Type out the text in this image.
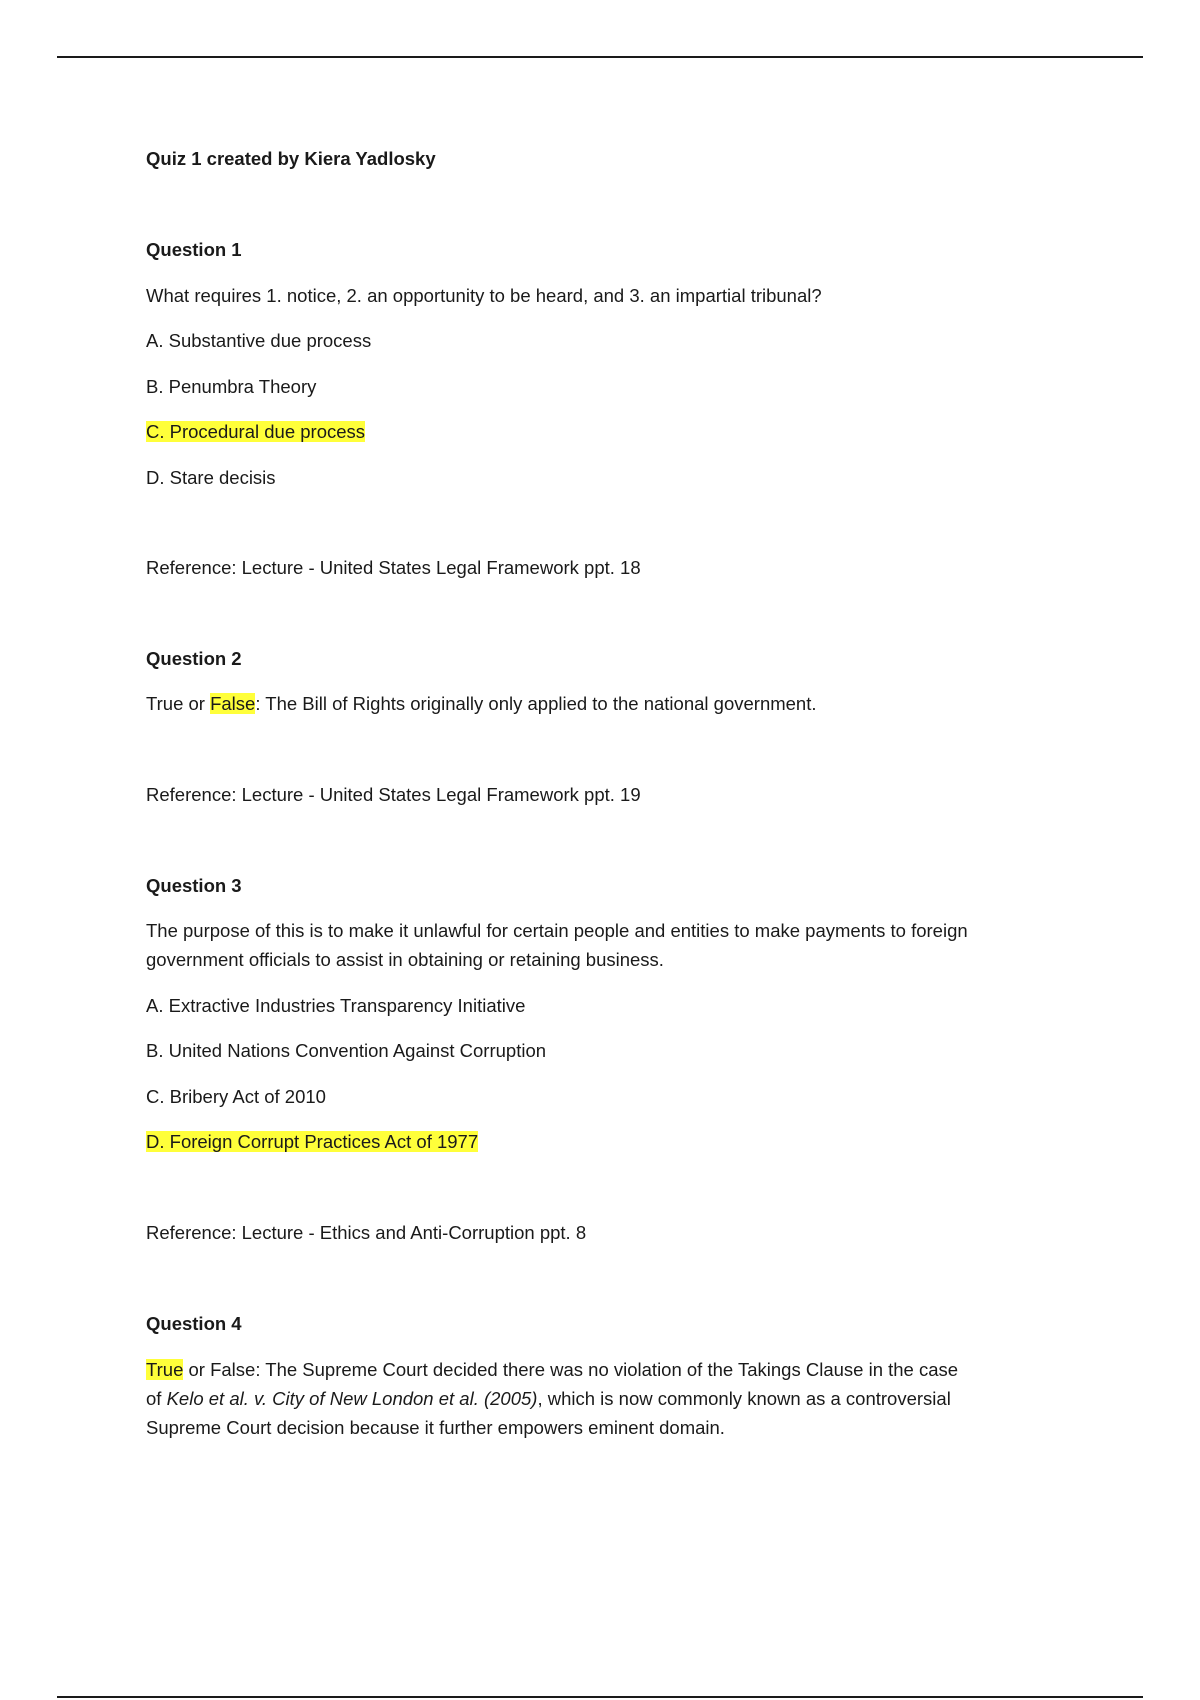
Quiz 1 created by Kiera Yadlosky
Question 1
What requires 1. notice, 2. an opportunity to be heard, and 3. an impartial tribunal?
A. Substantive due process
B. Penumbra Theory
C. Procedural due process
D. Stare decisis
Reference: Lecture - United States Legal Framework ppt. 18
Question 2
True or False: The Bill of Rights originally only applied to the national government.
Reference: Lecture - United States Legal Framework ppt. 19
Question 3
The purpose of this is to make it unlawful for certain people and entities to make payments to foreign
government officials to assist in obtaining or retaining business.
A. Extractive Industries Transparency Initiative
B. United Nations Convention Against Corruption
C. Bribery Act of 2010
D. Foreign Corrupt Practices Act of 1977
Reference: Lecture - Ethics and Anti-Corruption ppt. 8
Question 4
True or False: The Supreme Court decided there was no violation of the Takings Clause in the case
of Kelo et al. v. City of New London et al. (2005), which is now commonly known as a controversial
Supreme Court decision because it further empowers eminent domain.
